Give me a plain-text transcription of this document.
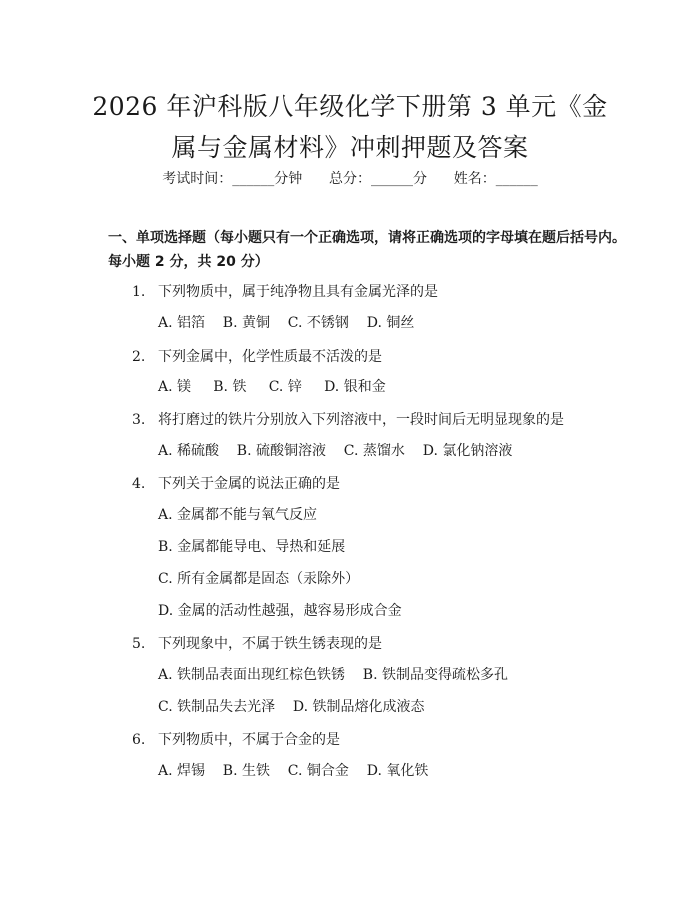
2026 年沪科版八年级化学下册第 3 单元《金
属与金属材料》冲刺押题及答案
考试时间：______分钟      总分：______分      姓名：______
一、单项选择题（每小题只有一个正确选项，请将正确选项的字母填在题后括号内。每小题 2 分，共 20 分）
1. 下列物质中，属于纯净物且具有金属光泽的是
A. 铝箔    B. 黄铜    C. 不锈钢    D. 铜丝
2. 下列金属中，化学性质最不活泼的是
A. 镁     B. 铁     C. 锌     D. 银和金
3. 将打磨过的铁片分别放入下列溶液中，一段时间后无明显现象的是
A. 稀硫酸    B. 硫酸铜溶液    C. 蒸馏水    D. 氯化钠溶液
4. 下列关于金属的说法正确的是
A. 金属都不能与氧气反应
B. 金属都能导电、导热和延展
C. 所有金属都是固态（汞除外）
D. 金属的活动性越强，越容易形成合金
5. 下列现象中，不属于铁生锈表现的是
A. 铁制品表面出现红棕色铁锈    B. 铁制品变得疏松多孔
C. 铁制品失去光泽    D. 铁制品熔化成液态
6. 下列物质中，不属于合金的是
A. 焊锡    B. 生铁    C. 铜合金    D. 氧化铁
